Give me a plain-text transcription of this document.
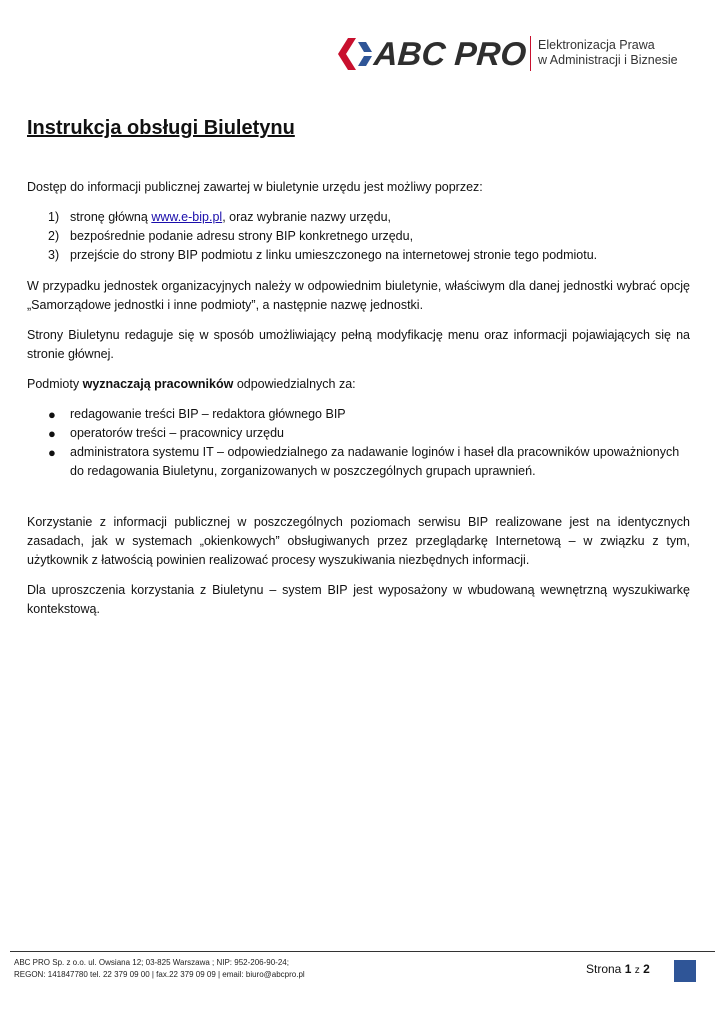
ABC PRO Elektronizacja Prawa
w Administracji i Biznesie
Instrukcja obsługi Biuletynu

Dostęp do informacji publicznej zawartej w biuletynie urzędu jest możliwy poprzez:

1) stronę główną www.e-bip.pl, oraz wybranie nazwy urzędu,
2) bezpośrednie podanie adresu strony BIP konkretnego urzędu,
3) przejście do strony BIP podmiotu z linku umieszczonego na internetowej stronie tego podmiotu.

W przypadku jednostek organizacyjnych należy w odpowiednim biuletynie, właściwym dla danej jednostki wybrać opcję „Samorządowe jednostki i inne podmioty”, a następnie nazwę jednostki.

Strony Biuletynu redaguje się w sposób umożliwiający pełną modyfikację menu oraz informacji pojawiających się na stronie głównej.

Podmioty wyznaczają pracowników odpowiedzialnych za:

● redagowanie treści BIP – redaktora głównego BIP
● operatorów treści – pracownicy urzędu
● administratora systemu IT – odpowiedzialnego za nadawanie loginów i haseł dla pracowników upoważnionych do redagowania Biuletynu, zorganizowanych w poszczególnych grupach uprawnień.

Korzystanie z informacji publicznej w poszczególnych poziomach serwisu BIP realizowane jest na identycznych zasadach, jak w systemach „okienkowych” obsługiwanych przez przeglądarkę Internetową – w związku z tym, użytkownik z łatwością powinien realizować procesy wyszukiwania niezbędnych informacji.

Dla uproszczenia korzystania z Biuletynu – system BIP jest wyposażony w wbudowaną wewnętrzną wyszukiwarkę kontekstową.

ABC PRO Sp. z o.o. ul. Owsiana 12; 03-825 Warszawa ; NIP: 952-206-90-24;
REGON: 141847780 tel. 22 379 09 00 | fax.22 379 09 09 | email: biuro@abcpro.pl	Strona 1 z 2
